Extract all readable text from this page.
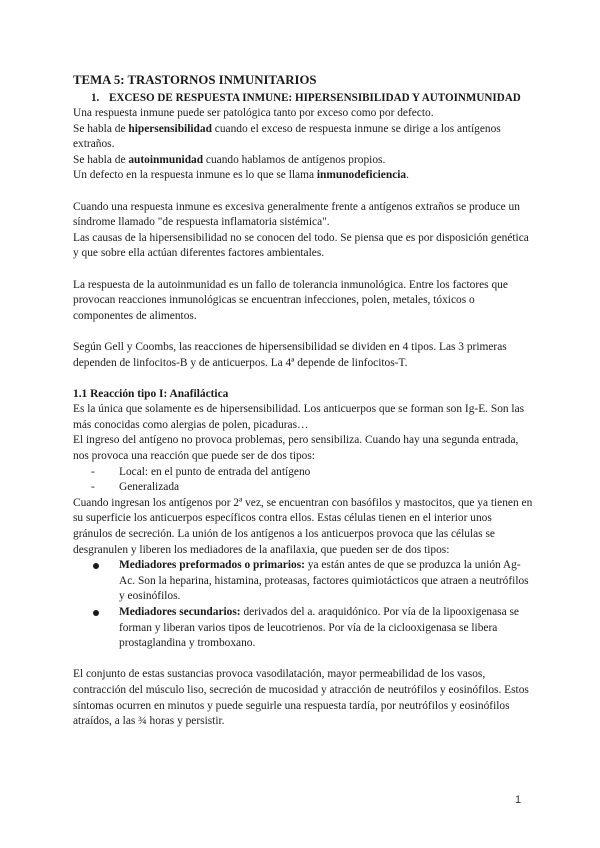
TEMA 5: TRASTORNOS INMUNITARIOS
1. EXCESO DE RESPUESTA INMUNE: HIPERSENSIBILIDAD Y AUTOINMUNIDAD

Una respuesta inmune puede ser patológica tanto por exceso como por defecto.

Se habla de hipersensibilidad cuando el exceso de respuesta inmune se dirige a los antígenos extraños.

Se habla de autoinmunidad cuando hablamos de antígenos propios.

Un defecto en la respuesta inmune es lo que se llama inmunodeficiencia.

Cuando una respuesta inmune es excesiva generalmente frente a antígenos extraños se produce un síndrome llamado "de respuesta inflamatoria sistémica".

Las causas de la hipersensibilidad no se conocen del todo. Se piensa que es por disposición genética y que sobre ella actúan diferentes factores ambientales.

La respuesta de la autoinmunidad es un fallo de tolerancia inmunológica. Entre los factores que provocan reacciones inmunológicas se encuentran infecciones, polen, metales, tóxicos o componentes de alimentos.

Según Gell y Coombs, las reacciones de hipersensibilidad se dividen en 4 tipos. Las 3 primeras dependen de linfocitos-B y de anticuerpos. La 4ª depende de linfocitos-T.

1.1 Reacción tipo I: Anafiláctica

Es la única que solamente es de hipersensibilidad. Los anticuerpos que se forman son Ig-E. Son las más conocidas como alergias de polen, picaduras…

El ingreso del antígeno no provoca problemas, pero sensibiliza. Cuando hay una segunda entrada, nos provoca una reacción que puede ser de dos tipos:

- Local: en el punto de entrada del antígeno
- Generalizada

Cuando ingresan los antígenos por 2ª vez, se encuentran con basófilos y mastocitos, que ya tienen en su superficie los anticuerpos específicos contra ellos. Estas células tienen en el interior unos gránulos de secreción. La unión de los antígenos a los anticuerpos provoca que las células se desgranulen y liberen los mediadores de la anafilaxia, que pueden ser de dos tipos:

Mediadores preformados o primarios: ya están antes de que se produzca la unión Ag-Ac. Son la heparina, histamina, proteasas, factores quimiotácticos que atraen a neutrófilos y eosinófilos.
Mediadores secundarios: derivados del a. araquidónico. Por vía de la lipooxigenasa se forman y liberan varios tipos de leucotrienos. Por vía de la ciclooxigenasa se libera prostaglandina y tromboxano.

El conjunto de estas sustancias provoca vasodilatación, mayor permeabilidad de los vasos, contracción del músculo liso, secreción de mucosidad y atracción de neutrófilos y eosinófilos. Estos síntomas ocurren en minutos y puede seguirle una respuesta tardía, por neutrófilos y eosinófilos atraídos, a las ¾ horas y persistir.

1
